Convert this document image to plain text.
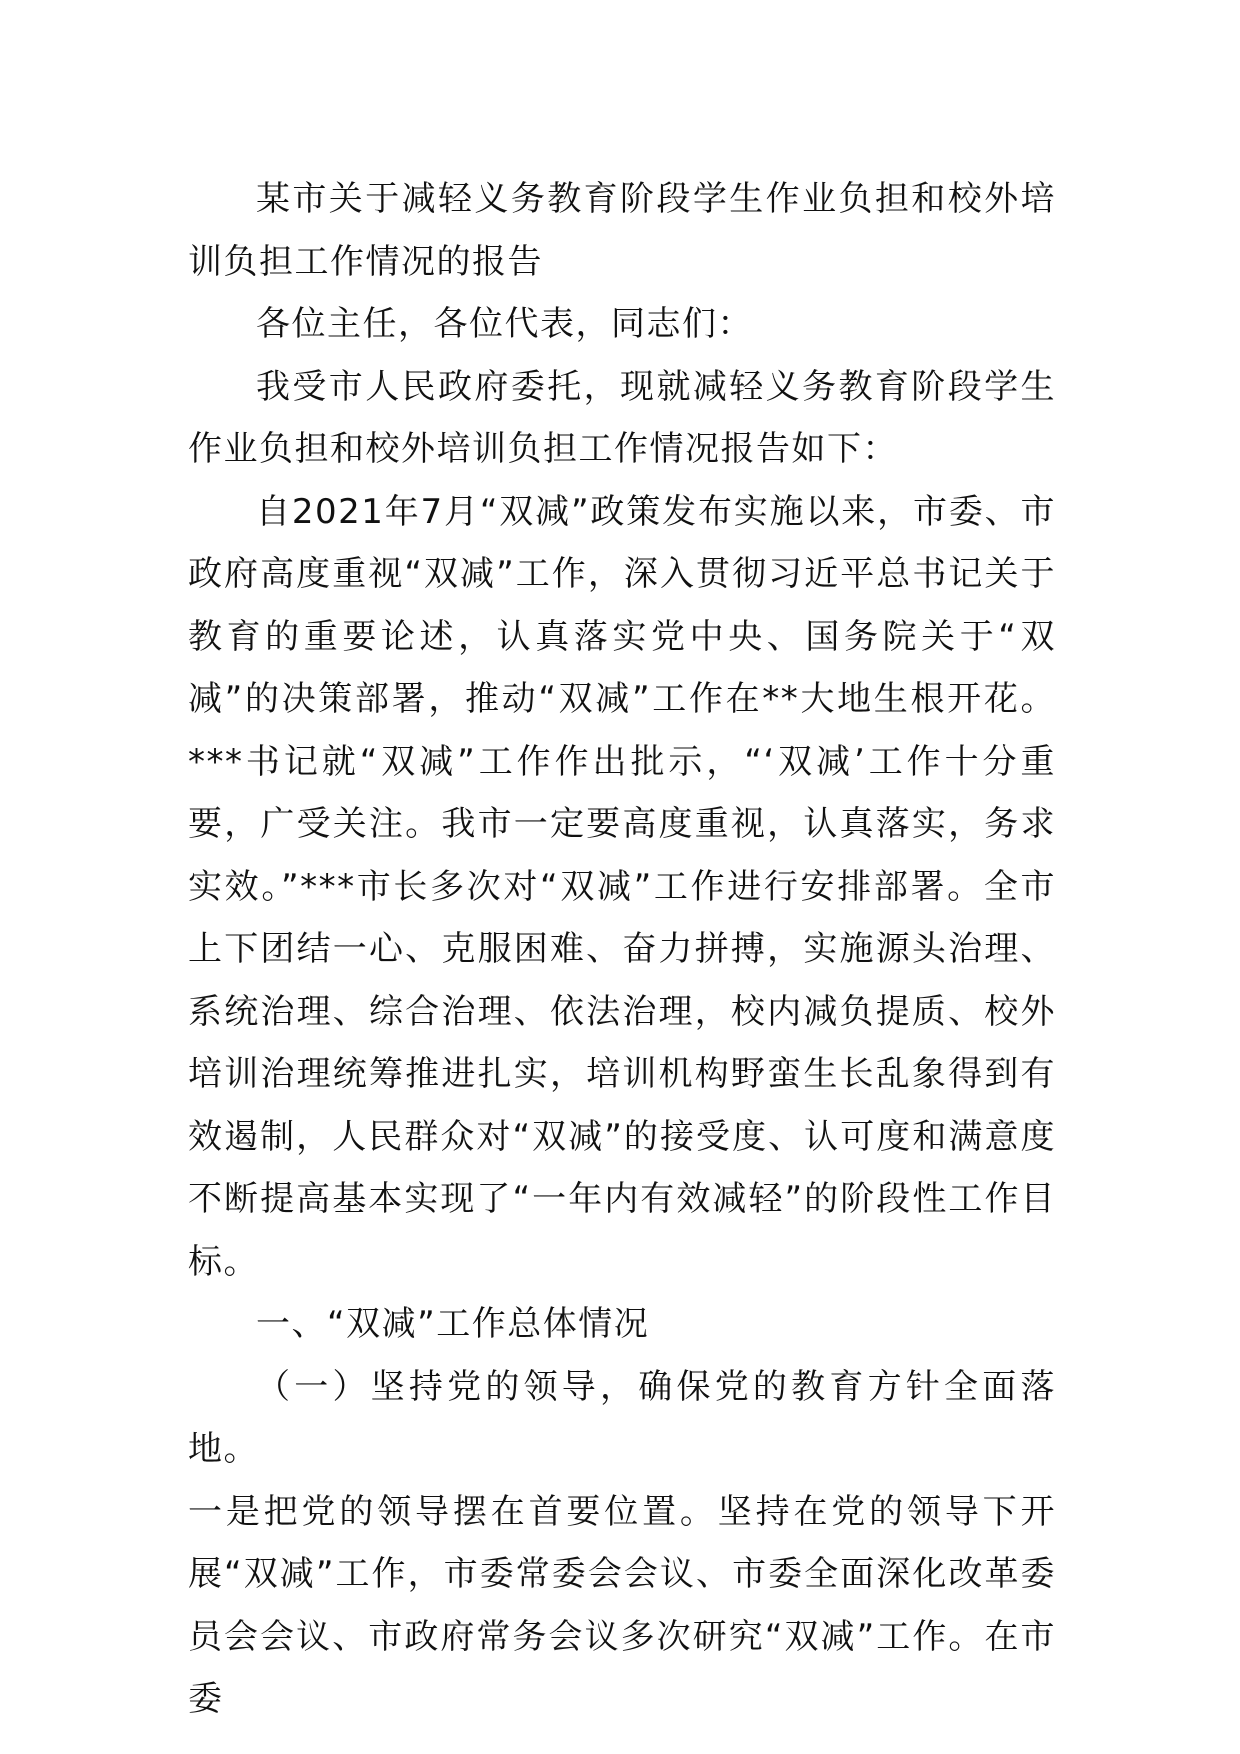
某市关于减轻义务教育阶段学生作业负担和校外培训负担工作情况的报告

各位主任，各位代表，同志们：

我受市人民政府委托，现就减轻义务教育阶段学生作业负担和校外培训负担工作情况报告如下：

自2021年7月“双减”政策发布实施以来，市委、市政府高度重视“双减”工作，深入贯彻习近平总书记关于教育的重要论述，认真落实党中央、国务院关于“双减”的决策部署，推动“双减”工作在**大地生根开花。***书记就“双减”工作作出批示，“‘双减’工作十分重要，广受关注。我市一定要高度重视，认真落实，务求实效。”***市长多次对“双减”工作进行安排部署。全市上下团结一心、克服困难、奋力拼搏，实施源头治理、系统治理、综合治理、依法治理，校内减负提质、校外培训治理统筹推进扎实，培训机构野蛮生长乱象得到有效遏制，人民群众对“双减”的接受度、认可度和满意度不断提高基本实现了“一年内有效减轻”的阶段性工作目标。

一、“双减”工作总体情况

（一）坚持党的领导，确保党的教育方针全面落地。

一是把党的领导摆在首要位置。坚持在党的领导下开展“双减”工作，市委常委会会议、市委全面深化改革委员会会议、市政府常务会议多次研究“双减”工作。在市委
